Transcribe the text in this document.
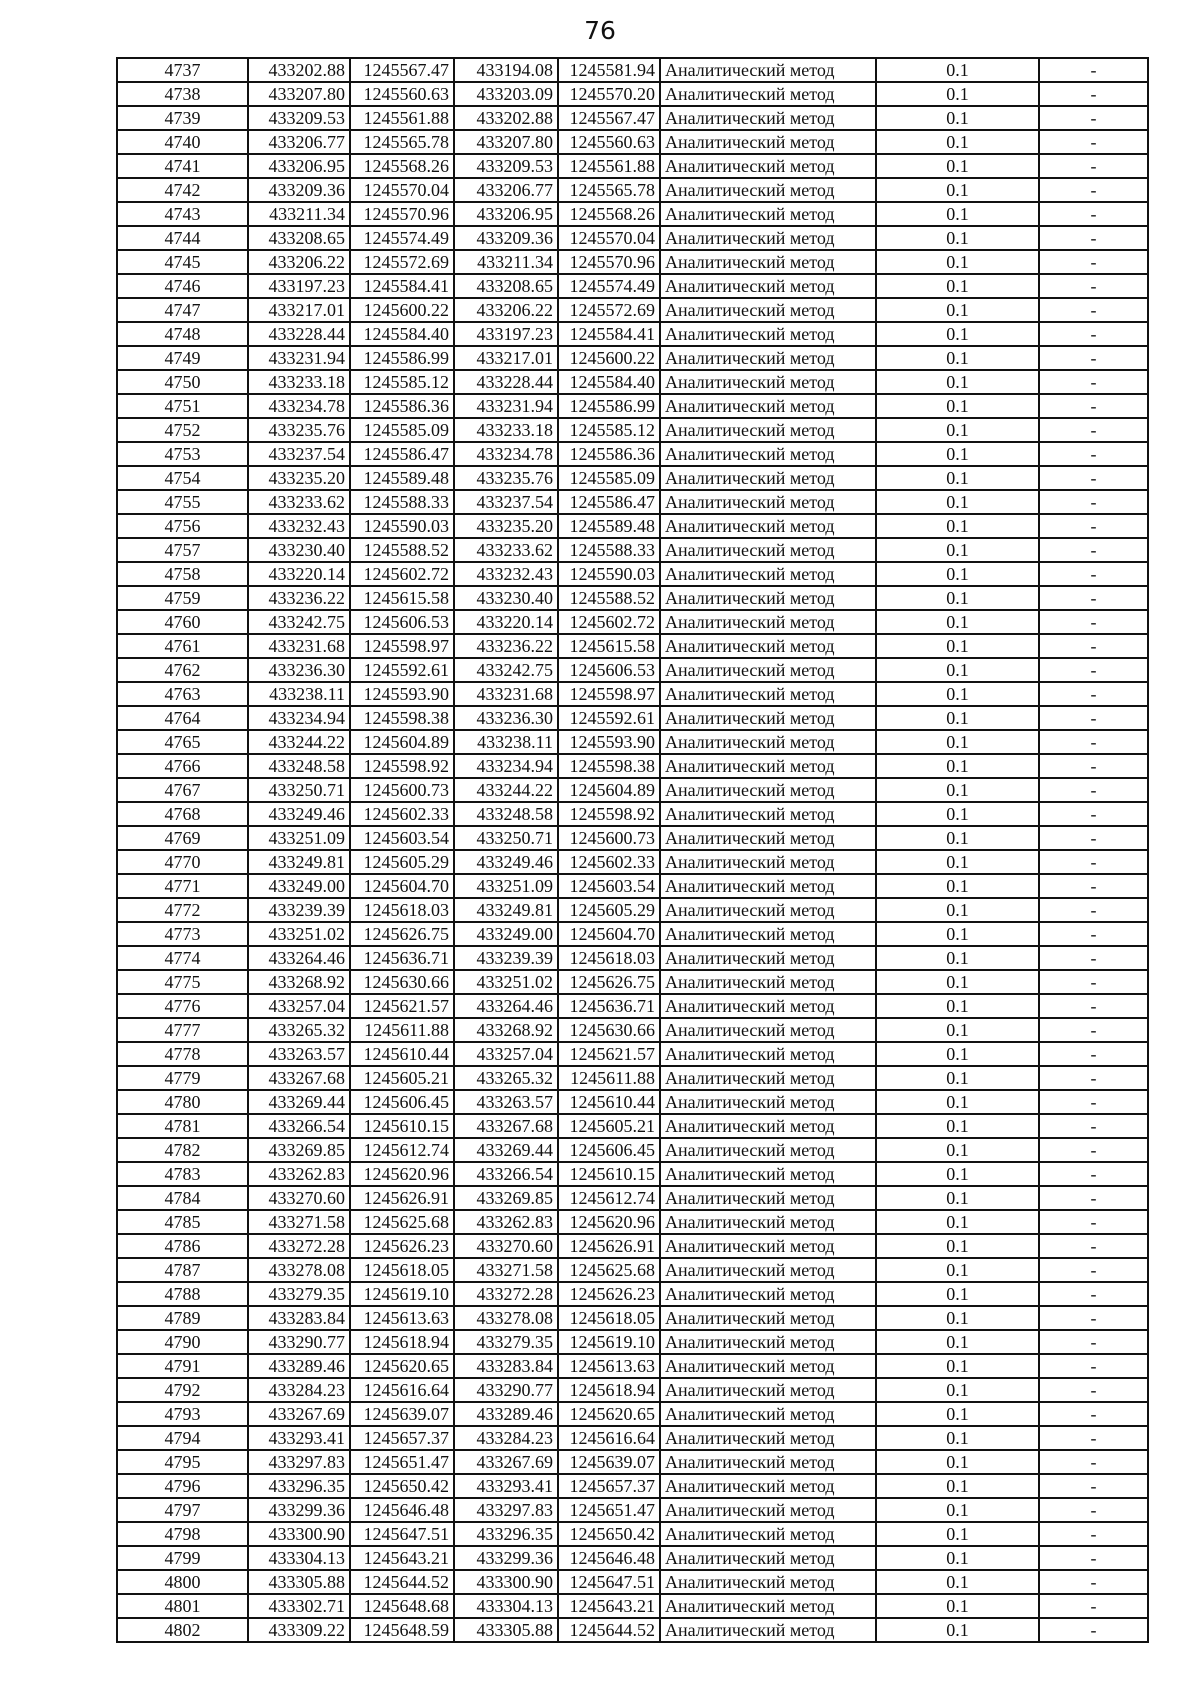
76
4737	433202.88	1245567.47	433194.08	1245581.94	Аналитический метод	0.1	-
4738	433207.80	1245560.63	433203.09	1245570.20	Аналитический метод	0.1	-
4739	433209.53	1245561.88	433202.88	1245567.47	Аналитический метод	0.1	-
4740	433206.77	1245565.78	433207.80	1245560.63	Аналитический метод	0.1	-
4741	433206.95	1245568.26	433209.53	1245561.88	Аналитический метод	0.1	-
4742	433209.36	1245570.04	433206.77	1245565.78	Аналитический метод	0.1	-
4743	433211.34	1245570.96	433206.95	1245568.26	Аналитический метод	0.1	-
4744	433208.65	1245574.49	433209.36	1245570.04	Аналитический метод	0.1	-
4745	433206.22	1245572.69	433211.34	1245570.96	Аналитический метод	0.1	-
4746	433197.23	1245584.41	433208.65	1245574.49	Аналитический метод	0.1	-
4747	433217.01	1245600.22	433206.22	1245572.69	Аналитический метод	0.1	-
4748	433228.44	1245584.40	433197.23	1245584.41	Аналитический метод	0.1	-
4749	433231.94	1245586.99	433217.01	1245600.22	Аналитический метод	0.1	-
4750	433233.18	1245585.12	433228.44	1245584.40	Аналитический метод	0.1	-
4751	433234.78	1245586.36	433231.94	1245586.99	Аналитический метод	0.1	-
4752	433235.76	1245585.09	433233.18	1245585.12	Аналитический метод	0.1	-
4753	433237.54	1245586.47	433234.78	1245586.36	Аналитический метод	0.1	-
4754	433235.20	1245589.48	433235.76	1245585.09	Аналитический метод	0.1	-
4755	433233.62	1245588.33	433237.54	1245586.47	Аналитический метод	0.1	-
4756	433232.43	1245590.03	433235.20	1245589.48	Аналитический метод	0.1	-
4757	433230.40	1245588.52	433233.62	1245588.33	Аналитический метод	0.1	-
4758	433220.14	1245602.72	433232.43	1245590.03	Аналитический метод	0.1	-
4759	433236.22	1245615.58	433230.40	1245588.52	Аналитический метод	0.1	-
4760	433242.75	1245606.53	433220.14	1245602.72	Аналитический метод	0.1	-
4761	433231.68	1245598.97	433236.22	1245615.58	Аналитический метод	0.1	-
4762	433236.30	1245592.61	433242.75	1245606.53	Аналитический метод	0.1	-
4763	433238.11	1245593.90	433231.68	1245598.97	Аналитический метод	0.1	-
4764	433234.94	1245598.38	433236.30	1245592.61	Аналитический метод	0.1	-
4765	433244.22	1245604.89	433238.11	1245593.90	Аналитический метод	0.1	-
4766	433248.58	1245598.92	433234.94	1245598.38	Аналитический метод	0.1	-
4767	433250.71	1245600.73	433244.22	1245604.89	Аналитический метод	0.1	-
4768	433249.46	1245602.33	433248.58	1245598.92	Аналитический метод	0.1	-
4769	433251.09	1245603.54	433250.71	1245600.73	Аналитический метод	0.1	-
4770	433249.81	1245605.29	433249.46	1245602.33	Аналитический метод	0.1	-
4771	433249.00	1245604.70	433251.09	1245603.54	Аналитический метод	0.1	-
4772	433239.39	1245618.03	433249.81	1245605.29	Аналитический метод	0.1	-
4773	433251.02	1245626.75	433249.00	1245604.70	Аналитический метод	0.1	-
4774	433264.46	1245636.71	433239.39	1245618.03	Аналитический метод	0.1	-
4775	433268.92	1245630.66	433251.02	1245626.75	Аналитический метод	0.1	-
4776	433257.04	1245621.57	433264.46	1245636.71	Аналитический метод	0.1	-
4777	433265.32	1245611.88	433268.92	1245630.66	Аналитический метод	0.1	-
4778	433263.57	1245610.44	433257.04	1245621.57	Аналитический метод	0.1	-
4779	433267.68	1245605.21	433265.32	1245611.88	Аналитический метод	0.1	-
4780	433269.44	1245606.45	433263.57	1245610.44	Аналитический метод	0.1	-
4781	433266.54	1245610.15	433267.68	1245605.21	Аналитический метод	0.1	-
4782	433269.85	1245612.74	433269.44	1245606.45	Аналитический метод	0.1	-
4783	433262.83	1245620.96	433266.54	1245610.15	Аналитический метод	0.1	-
4784	433270.60	1245626.91	433269.85	1245612.74	Аналитический метод	0.1	-
4785	433271.58	1245625.68	433262.83	1245620.96	Аналитический метод	0.1	-
4786	433272.28	1245626.23	433270.60	1245626.91	Аналитический метод	0.1	-
4787	433278.08	1245618.05	433271.58	1245625.68	Аналитический метод	0.1	-
4788	433279.35	1245619.10	433272.28	1245626.23	Аналитический метод	0.1	-
4789	433283.84	1245613.63	433278.08	1245618.05	Аналитический метод	0.1	-
4790	433290.77	1245618.94	433279.35	1245619.10	Аналитический метод	0.1	-
4791	433289.46	1245620.65	433283.84	1245613.63	Аналитический метод	0.1	-
4792	433284.23	1245616.64	433290.77	1245618.94	Аналитический метод	0.1	-
4793	433267.69	1245639.07	433289.46	1245620.65	Аналитический метод	0.1	-
4794	433293.41	1245657.37	433284.23	1245616.64	Аналитический метод	0.1	-
4795	433297.83	1245651.47	433267.69	1245639.07	Аналитический метод	0.1	-
4796	433296.35	1245650.42	433293.41	1245657.37	Аналитический метод	0.1	-
4797	433299.36	1245646.48	433297.83	1245651.47	Аналитический метод	0.1	-
4798	433300.90	1245647.51	433296.35	1245650.42	Аналитический метод	0.1	-
4799	433304.13	1245643.21	433299.36	1245646.48	Аналитический метод	0.1	-
4800	433305.88	1245644.52	433300.90	1245647.51	Аналитический метод	0.1	-
4801	433302.71	1245648.68	433304.13	1245643.21	Аналитический метод	0.1	-
4802	433309.22	1245648.59	433305.88	1245644.52	Аналитический метод	0.1	-
